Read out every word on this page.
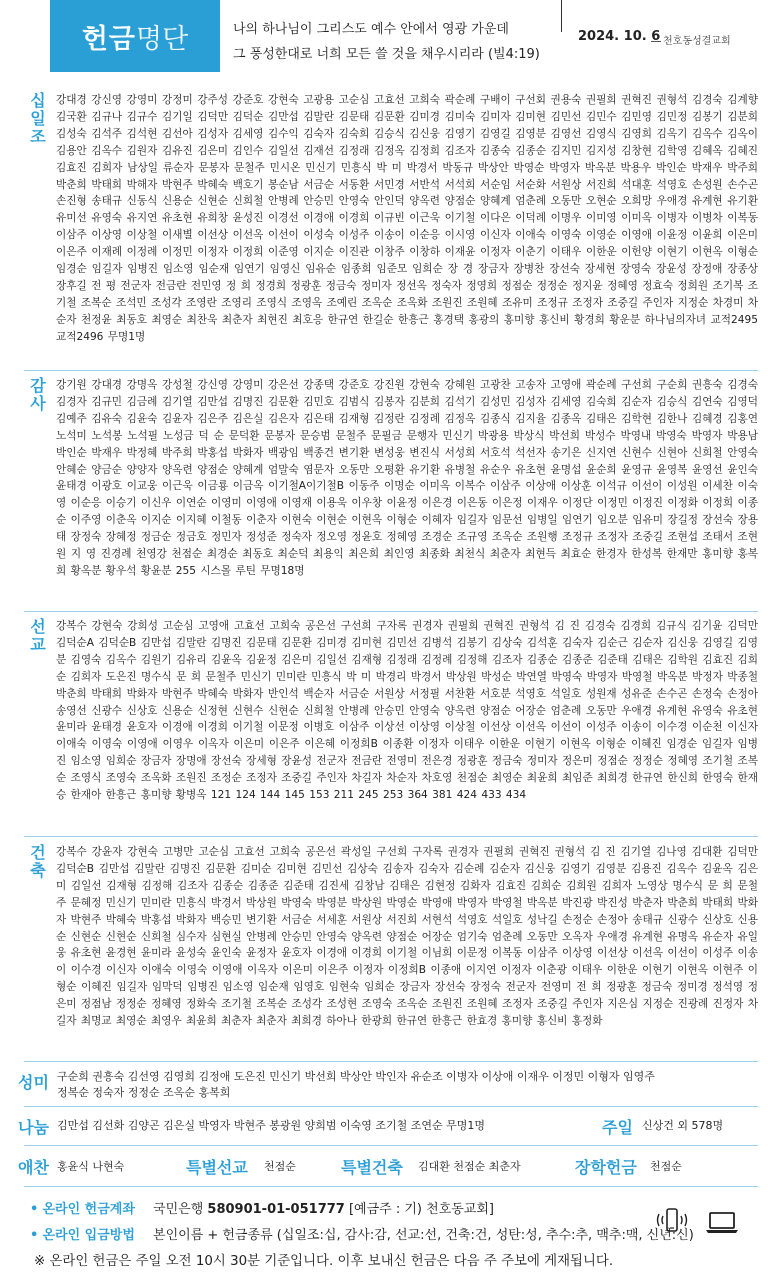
헌금 명단	나의 하나님이 그리스도 예수 안에서 영광 가운데
그 풍성한대로 너희 모든 쓸 것을 채우시리라 (빌4:19)
2024. 10. 6 천호동성결교회
십일조 강대경 강신영 강영미 강정미 강주성 강준호 강현숙 고광용 고순심 고효선 고희숙 곽순례 구배이 구선회 권용숙 권필희 권혁진 권형석 김경숙 김계향 김국환 김규나 김규수 김기일 김덕만 김덕순 김만섭 김말란 김문태 김문환 김미경 김미숙 김미자 김미현 김민선 김민수 김민영 김민정 김봉기 김분희 김성숙 김석주 김석현 김선아 김성자 김세영 김수익 김숙자 김숙희 김승식 김신웅 김영기 김영길 김영분 김영선 김영식 김영희 김옥기 김옥수 김옥이 김용안 김옥수 김원자 김유진 김은미 김인수 김일선 김재선 김정래 김정옥 김정희 김조자 김종숙 김종순 김지민 김지성 김창현 김학영 김혜옥 김혜진 김효진 김희자 남상일 류순자 문봉자 문철주 민시온 민신기 민흥식 박 미 박경서 박동규 박상안 박영순 박영자 박옥분 박용우 박인순 박재우 박주희 박춘희 박태희 박해자 박현주 박혜숙 백호기 봉순남 서금순 서동환 서민경 서반석 서석희 서순임 서순화 서원상 서진희 석대훈 석영호 손성원 손수곤 손진형 송태규 신동식 신용순 신현순 신희철 안병례 안승민 안영숙 안인덕 양옥련 양점순 양혜계 엄춘례 오동만 오현순 오희망 우애경 유계현 유기환 유미선 유영숙 유지연 유초현 유희창 윤성진 이경선 이경애 이경희 이규빈 이근욱 이기철 이다은 이덕례 이명우 이미영 이미옥 이병자 이병차 이복동 이삼주 이상영 이상철 이새별 이선상 이선옥 이선이 이성숙 이성주 이송이 이순응 이시영 이신자 이애숙 이영숙 이영순 이영애 이윤정 이윤희 이은미 이은주 이재례 이정례 이정민 이정자 이정희 이준영 이지순 이진관 이창주 이창하 이재윤 이정자 이춘기 이태우 이한운 이헌양 이현기 이현옥 이형순 임경순 임길자 임병진 임소영 임순재 임연기 임영신 임유순 임종희 임준모 임희순 장 경 장금자 장병찬 장선숙 장세현 장영숙 장윤성 장정애 장종상 장후길 전 평 전군자 전금란 전민영 정 희 정경희 정광훈 정금숙 정미자 정선옥 정숙자 정영희 정점순 정정순 정지윤 정혜영 정효숙 정희원 조기복 조기철 조복순 조석민 조성각 조영란 조영리 조영식 조영옥 조예린 조옥순 조옥화 조원진 조원혜 조유미 조정규 조정자 조중길 주인자 지정순 차경미 차순자 천정윤 최동호 최영순 최찬욱 최춘자 최현진 최호응 한규연 한길순 한흥근 홍경택 홍광의 홍미향 홍신비 황경희 황운분 하나님의자녀 교적2495 교적2496 무명1명
감사 강기원 강대경 강명옥 강성철 강신영 강영미 강은선 강종택 강준호 강진원 강현숙 강혜원 고광찬 고송자 고영애 곽순례 구선희 구순희 권흥숙 김경숙 김경자 김규민 김금례 김기열 김만섭 김명진 김문환 김민호 김범식 김봉자 김분희 김석기 김성민 김성자 김세영 김숙희 김순자 김승식 김연숙 김영덕 김예주 김유숙 김윤숙 김윤자 김은주 김은실 김은자 김은태 김재형 김정란 김정례 김정옥 김종식 김지율 김종옥 김태은 김학현 김한나 김혜경 김홍연 노석미 노석봉 노석필 노성금 덕 순 문덕환 문봉자 문승범 문철주 문필금 문행자 민신기 박광용 박상식 박선희 박성수 박영내 박영숙 박영자 박용남 박인순 박재우 박정혜 박주희 박홍섭 박화자 백광임 백종건 변기환 변성웅 변진식 서성희 서호석 석선자 송기은 신지연 신현수 신현아 신희철 안영숙 안혜순 양금순 양양자 양옥련 양점순 양혜계 엄말숙 염문자 오동만 오평환 유기환 유병철 유순우 유초현 윤명섭 윤순희 윤영규 윤영복 윤영선 윤인숙 윤태경 이광호 이교웅 이근욱 이금룡 이금옥 이기철A이기철B 이동주 이명순 이미옥 이복수 이삼주 이상애 이상훈 이석규 이선이 이성원 이세찬 이숙영 이순응 이승기 이신우 이연순 이영미 이영애 이영재 이용욱 이우창 이윤정 이은경 이은동 이은정 이재우 이정단 이정민 이정진 이정화 이정희 이종순 이주영 이춘옥 이지순 이지혜 이철동 이춘자 이현숙 이현순 이현옥 이형순 이혜자 임길자 임문선 임병일 임연기 임오분 임유미 장길정 장선숙 장용태 장정숙 장혜정 정금순 정금호 정민자 정성준 정숙자 정오영 정윤호 정혜영 조경순 조규영 조옥순 조원행 조정규 조정자 조중길 조현섭 조태서 조현원 지 영 진경례 천영강 천점순 최경순 최동호 최순덕 최용익 최은희 최인영 최종화 최천식 최춘자 최현득 최효순 한경자 한성복 한재만 홍미향 홍복희 황옥분 황우석 황윤분 255 시스몰 루틴 무명18명
선교 강복수 강현숙 강희성 고순심 고영애 고효선 고희숙 공은선 구선희 구자록 권경자 권필희 권혁진 권형석 김 진 김경숙 김경희 김규식 김기윤 김덕만 김덕순A 김덕순B 김만섭 김말란 김명진 김문태 김문환 김미경 김미현 김민선 김병석 김봉기 김상숙 김석훈 김숙자 김순근 김순자 김신웅 김영길 김영분 김영숙 김옥수 김원기 김유리 김윤옥 김윤정 김은미 김일선 김재형 김정래 김정례 김정해 김조자 김종순 김종준 김준태 김태은 김학원 김효진 김희순 김희자 도은진 명수식 문 희 문철주 민신기 민미란 민흥식 박 미 박경리 박경서 박상원 박성순 박연열 박영숙 박영자 박영철 박옥분 박정자 박종철 박춘희 박태희 박화자 박현주 박혜숙 박화자 반인석 백순자 서금순 서원상 서정필 서찬환 서호분 석영호 석일호 성원재 성유준 손수곤 손정숙 손정아 송영선 신광수 신상호 신용순 신정현 신현수 신현순 신희철 안병례 안승민 안영숙 양옥련 양점순 어장순 엄춘례 오동만 우애경 유계현 유영숙 유초현 윤미라 윤태경 윤호자 이경애 이경희 이기철 이문정 이병호 이삼주 이상선 이상영 이상철 이선상 이선옥 이선이 이성주 이송이 이수경 이순천 이신자 이애숙 이영숙 이영애 이영우 이옥자 이은미 이은주 이은혜 이정희B 이종환 이정자 이태우 이한운 이현기 이현옥 이형순 이혜진 임경순 임길자 임병진 임소영 임희순 장금자 장명애 장선숙 장세형 장윤성 전군자 전금란 전영미 전은경 정광훈 정금숙 정미자 정은미 정점순 정정순 정혜영 조기철 조복순 조영식 조영숙 조옥화 조원진 조정순 조정자 조중길 주인자 차길자 차순자 차호영 천점순 최영순 최윤희 최임준 최희경 한규연 한신희 한영숙 한재승 한재아 한흥근 홍미향 황병옥 121 124 144 145 153 211 245 253 364 381 424 433 434
건축 강복수 강윤자 강현숙 고병만 고순심 고효선 고희숙 공은선 곽성일 구선희 구자록 권경자 권필희 권혁진 권형석 김 진 김기열 김나영 김대환 김덕만 김덕순B 김만섭 김말란 김명진 김문환 김미순 김미현 김민선 김상숙 김송자 김숙자 김순례 김순자 김신웅 김영기 김영분 김용진 김옥수 김윤옥 김은미 김일선 김재형 김정해 김조자 김종순 김종준 김준태 김진세 김창남 김태은 김현정 김화자 김효진 김희순 김희원 김희자 노영상 명수식 문 희 문철주 문혜정 민신기 민미란 민흥식 박경서 박상원 박영숙 박영분 박상원 박영순 박영애 박영자 박영철 박옥분 박진광 박진성 박춘자 박춘희 박태희 박화자 박현주 박혜숙 박홍섭 박화자 백승민 변기환 서금순 서세훈 서원상 서진희 서현석 석영호 석일호 성낙길 손정순 손정아 송태규 신광수 신상호 신용순 신현순 신현순 신희철 심수자 심현실 안병례 안승민 안영숙 양옥련 양점순 어장순 엄기숙 엄춘례 오동만 오옥자 우애경 유계현 유명옥 유순자 유일웅 유초현 윤경현 윤미라 윤성숙 윤인숙 윤정자 윤호자 이경애 이경희 이기철 이님희 이문정 이복동 이삼주 이상영 이선상 이선옥 이선이 이성주 이송이 이수경 이신자 이애숙 이영숙 이영애 이옥자 이은미 이은주 이정자 이정희B 이종애 이지연 이정자 이춘광 이태우 이한운 이현기 이현옥 이현주 이형순 이혜진 임길자 임막덕 임병진 임소영 임순재 임영호 임현숙 임희순 장금자 장선숙 장정숙 전군자 전영미 전 희 정광훈 정금숙 정미경 정석영 정은미 정점남 정정순 정혜영 정화숙 조기철 조복순 조성각 조성현 조영숙 조옥순 조원진 조원혜 조정자 조중길 주인자 지은심 지정순 진광례 진정자 차길자 최명교 최영순 최영우 최윤희 최춘자 최춘자 최희경 하아나 한광희 한규연 한흥근 한효경 홍미향 홍신비 홍정화
성미 구순희 권흥숙 김선영 김영희 김정애 도은진 민신기 박선희 박상안 박인자 유순조 이병자 이상애 이재우 이정민 이형자 임영주
정복순 정숙자 정정순 조옥순 홍복희
나눔 김만섭 김선화 김양곤 김은실 박영자 박현주 봉광원 양희범 이숙영 조기철 조연순 무명1명	주일 신상건 외 578명
애찬 홍윤식 나현숙	특별선교 천점순	특별건축 김대환 천점순 최춘자	장학헌금 천점순
• 온라인 헌금계좌 국민은행 580901-01-051777 [예금주 : 기) 천호동교회]
• 온라인 입금방법 본인이름 + 헌금종류 (십일조:십, 감사:감, 선교:선, 건축:건, 성탄:성, 추수:추, 맥추:맥, 신년:신)
※ 온라인 헌금은 주일 오전 10시 30분 기준입니다. 이후 보내신 헌금은 다음 주 주보에 게재됩니다.
